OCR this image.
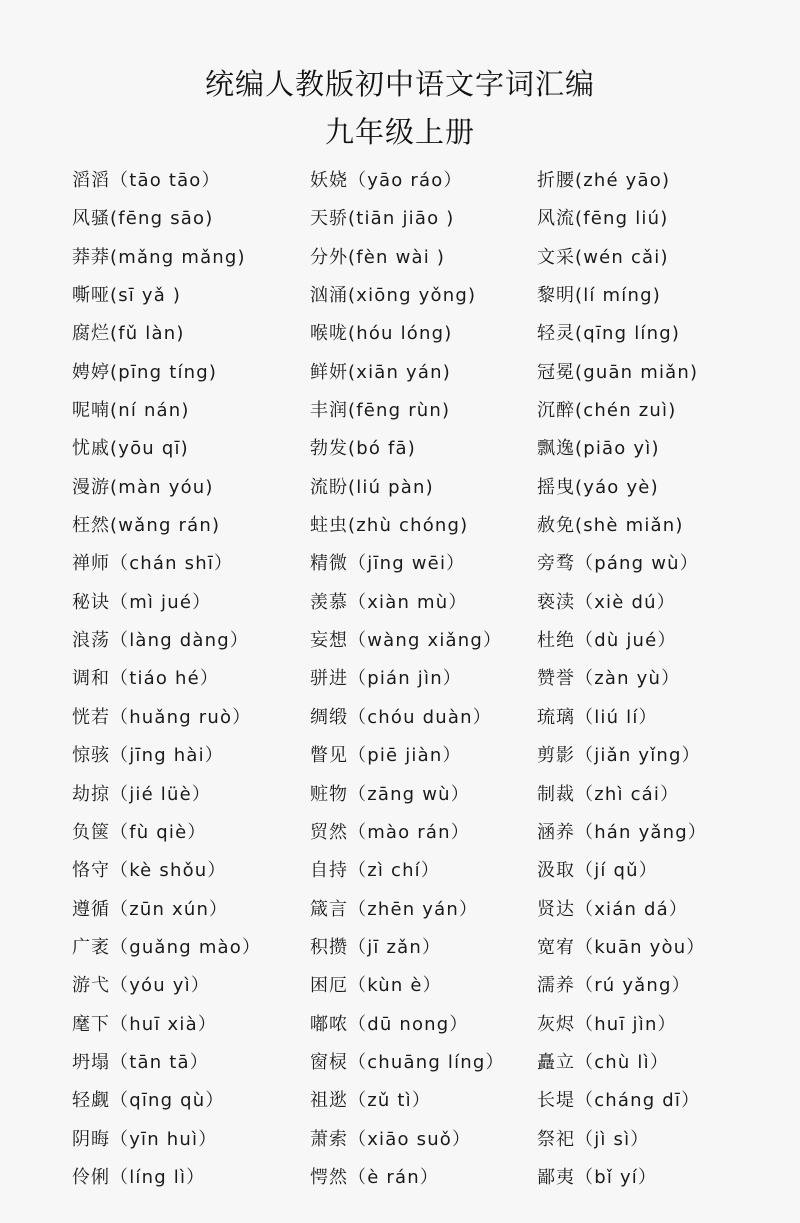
统编人教版初中语文字词汇编
九年级上册
滔滔（tāo tāo）
风骚(fēng sāo)
莽莽(mǎng mǎng)
嘶哑(sī yǎ )
腐烂(fǔ làn)
娉婷(pīng tíng)
呢喃(ní nán)
忧戚(yōu qī)
漫游(màn yóu)
枉然(wǎng rán)
禅师（chán shī）
秘诀（mì jué）
浪荡（làng dàng）
调和（tiáo hé）
恍若（huǎng ruò）
惊骇（jīng hài）
劫掠（jié lüè）
负箧（fù qiè）
恪守（kè shǒu）
遵循（zūn xún）
广袤（guǎng mào）
游弋（yóu yì）
麾下（huī xià）
坍塌（tān tā）
轻觑（qīng qù）
阴晦（yīn huì）
伶俐（líng lì）
妖娆（yāo ráo）
天骄(tiān jiāo )
分外(fèn wài )
汹涌(xiōng yǒng)
喉咙(hóu lóng)
鲜妍(xiān yán)
丰润(fēng rùn)
勃发(bó fā)
流盼(liú pàn)
蛀虫(zhù chóng)
精微（jīng wēi）
羡慕（xiàn mù）
妄想（wàng xiǎng）
骈进（pián jìn）
绸缎（chóu duàn）
瞥见（piē jiàn）
赃物（zāng wù）
贸然（mào rán）
自持（zì chí）
箴言（zhēn yán）
积攒（jī zǎn）
困厄（kùn è）
嘟哝（dū nong）
窗棂（chuāng líng）
祖逖（zǔ tì）
萧索（xiāo suǒ）
愕然（è rán）
折腰(zhé yāo)
风流(fēng liú)
文采(wén cǎi)
黎明(lí míng)
轻灵(qīng líng)
冠冕(guān miǎn)
沉醉(chén zuì)
飘逸(piāo yì)
摇曳(yáo yè)
赦免(shè miǎn)
旁骛（páng wù）
亵渎（xiè dú）
杜绝（dù jué）
赞誉（zàn yù）
琉璃（liú lí）
剪影（jiǎn yǐng）
制裁（zhì cái）
涵养（hán yǎng）
汲取（jí qǔ）
贤达（xián dá）
宽宥（kuān yòu）
濡养（rú yǎng）
灰烬（huī jìn）
矗立（chù lì）
长堤（cháng dī）
祭祀（jì sì）
鄙夷（bǐ yí）
